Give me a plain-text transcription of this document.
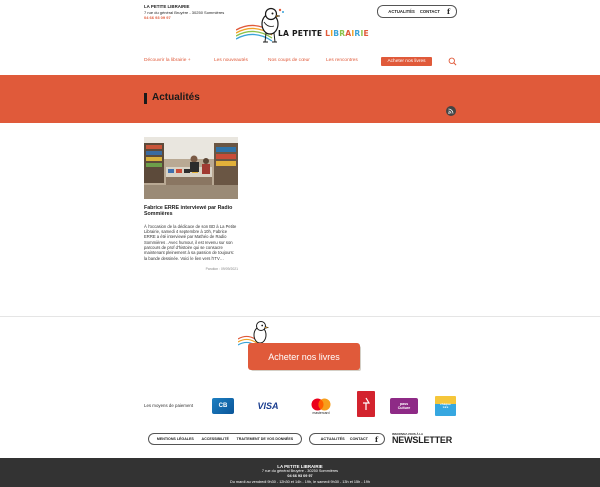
LA PETITE LIBRAIRIE
7 rue du général Bruyère - 30250 Sommières
04 66 93 09 97
LA PETITE LIBRAIRIE
ACTUALITÉS CONTACT f
Découvrir la librairie +	Les nouveautés	Nos coups de cœur	Les rencontres	Acheter nos livres
Actualités
Fabrice ERRE interviewé par Radio Sommières
À l'occasion de la dédicace de son BD à La Petite Librairie, samedi 4 septembre à 10h, Fabrice ERRE a été interviewé par Mathéo de Radio Sommières . Avec humour, il est revenu sur son parcours de prof d'histoire qui se consacre maintenant pleinement à sa passion de toujours: la bande dessinée. Voici le lien vers l'ITV…
Parution : 09/09/2021
Acheter nos livres
Les moyens de paiement	CB	VISA
mastercard
pass
Culture
chèque
Lire
MENTIONS LÉGALES ACCESSIBILITÉ TRAITEMENT DE VOS DONNÉES	ACTUALITÉS CONTACT f
INSCRIVEZ-VOUS À LA
NEWSLETTER
LA PETITE LIBRAIRIE
7 rue du général Bruyère - 30250 Sommières
04 66 93 09 97
Du mardi au vendredi 9h30 - 12h30 et 14h - 19h, le samedi 9h30 - 13h et 15h - 19h
